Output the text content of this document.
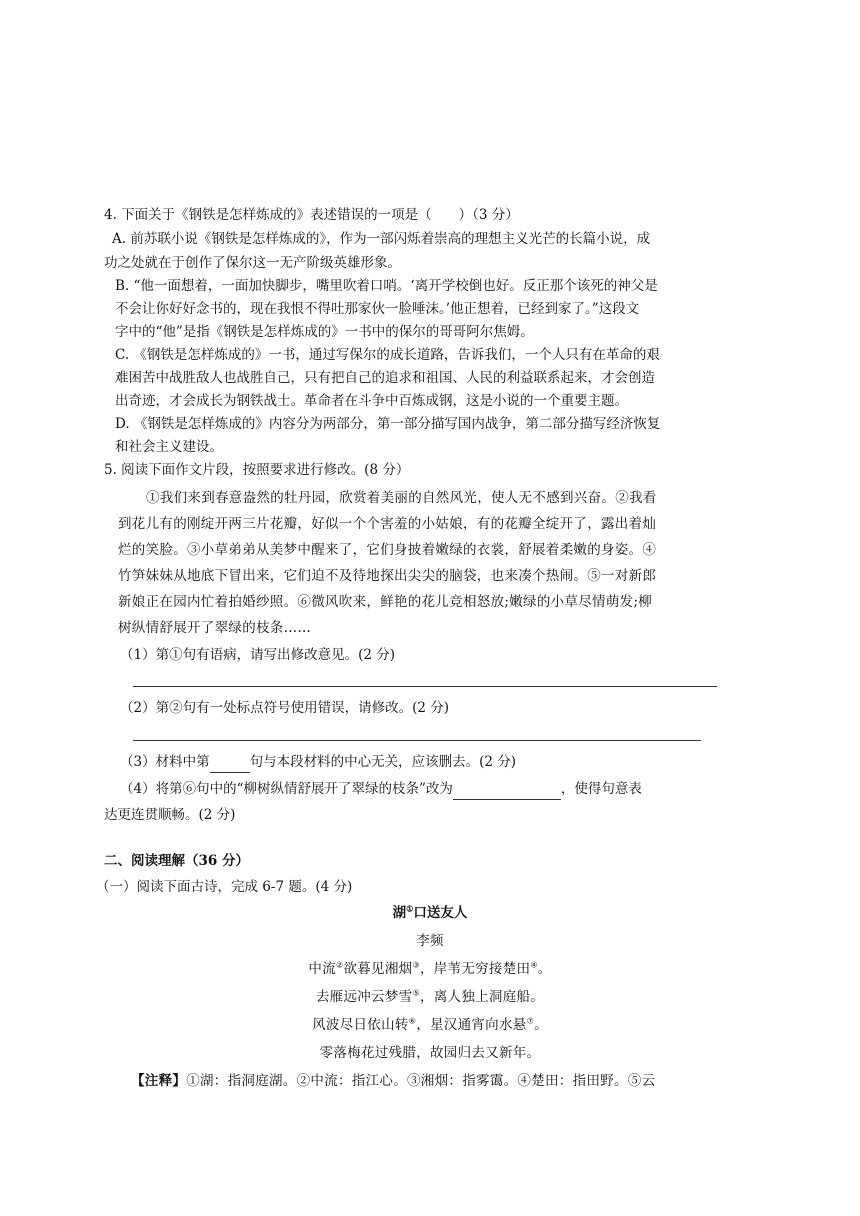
4. 下面关于《钢铁是怎样炼成的》表述错误的一项是（　　）（3 分）
A. 前苏联小说《钢铁是怎样炼成的》，作为一部闪烁着崇高的理想主义光芒的长篇小说，成
功之处就在于创作了保尔这一无产阶级英雄形象。
B. “他一面想着，一面加快脚步，嘴里吹着口哨。‘离开学校倒也好。反正那个该死的神父是
不会让你好好念书的，现在我恨不得吐那家伙一脸唾沫。’他正想着，已经到家了。”这段文
字中的“他”是指《钢铁是怎样炼成的》一书中的保尔的哥哥阿尔焦姆。
C. 《钢铁是怎样炼成的》一书，通过写保尔的成长道路，告诉我们，一个人只有在革命的艰
难困苦中战胜敌人也战胜自己，只有把自己的追求和祖国、人民的利益联系起来，才会创造
出奇迹，才会成长为钢铁战士。革命者在斗争中百炼成钢，这是小说的一个重要主题。
D. 《钢铁是怎样炼成的》内容分为两部分，第一部分描写国内战争，第二部分描写经济恢复
和社会主义建设。
5. 阅读下面作文片段，按照要求进行修改。(8 分）
①我们来到春意盎然的牡丹园，欣赏着美丽的自然风光，使人无不感到兴奋。②我看
到花儿有的刚绽开两三片花瓣，好似一个个害羞的小姑娘，有的花瓣全绽开了，露出着灿
烂的笑脸。③小草弟弟从美梦中醒来了，它们身披着嫩绿的衣裳，舒展着柔嫩的身姿。④
竹笋妹妹从地底下冒出来，它们迫不及待地探出尖尖的脑袋，也来凑个热闹。⑤一对新郎
新娘正在园内忙着拍婚纱照。⑥微风吹来，鲜艳的花儿竞相怒放;嫩绿的小草尽情萌发;柳
树纵情舒展开了翠绿的枝条……
（1）第①句有语病，请写出修改意见。(2 分)
（2）第②句有一处标点符号使用错误，请修改。(2 分)
（3）材料中第	句与本段材料的中心无关，应该删去。(2 分)
（4）将第⑥句中的“柳树纵情舒展开了翠绿的枝条”改为	，使得句意表
达更连贯顺畅。(2 分)
二、阅读理解（36 分）
（一）阅读下面古诗，完成 6-7 题。(4 分)
湖①口送友人
李频
中流②欲暮见湘烟③，岸苇无穷接楚田④。
去雁远冲云梦雪⑤，离人独上洞庭船。
风波尽日依山转⑥，星汉通宵向水悬⑦。
零落梅花过残腊，故园归去又新年。
【注释】①湖：指洞庭湖。②中流：指江心。③湘烟：指雾霭。④楚田：指田野。⑤云
